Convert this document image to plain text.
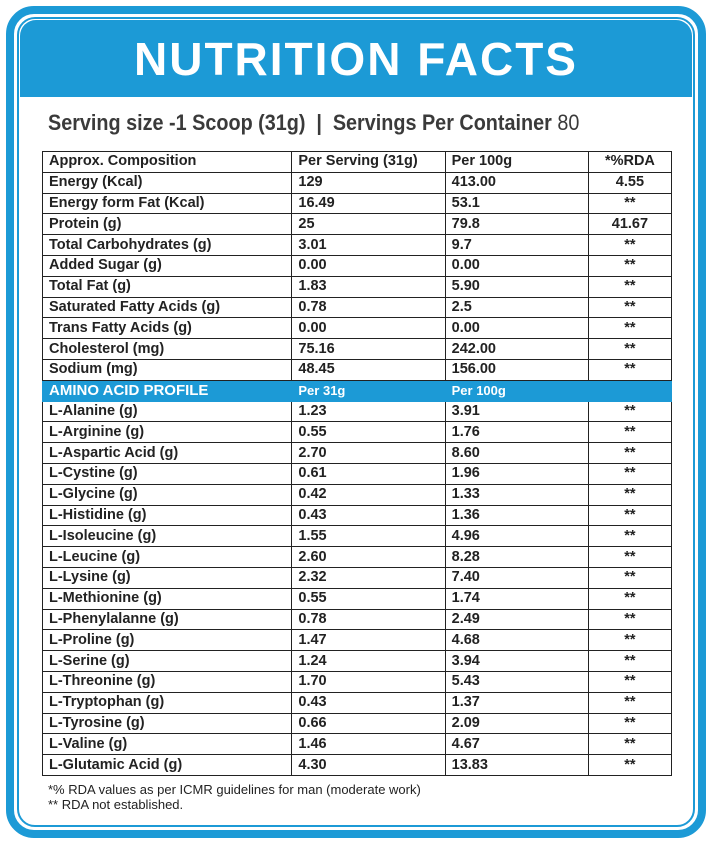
NUTRITION FACTS
Serving size -1 Scoop (31g) | Servings Per Container 80
Approx. Composition	Per Serving (31g)	Per 100g	*%RDA
Energy (Kcal)	129	413.00	4.55
Energy form Fat (Kcal)	16.49	53.1	**
Protein (g)	25	79.8	41.67
Total Carbohydrates (g)	3.01	9.7	**
Added Sugar (g)	0.00	0.00	**
Total Fat (g)	1.83	5.90	**
Saturated Fatty Acids (g)	0.78	2.5	**
Trans Fatty Acids (g)	0.00	0.00	**
Cholesterol (mg)	75.16	242.00	**
Sodium (mg)	48.45	156.00	**
AMINO ACID PROFILE	Per 31g	Per 100g	
L-Alanine (g)	1.23	3.91	**
L-Arginine (g)	0.55	1.76	**
L-Aspartic Acid (g)	2.70	8.60	**
L-Cystine (g)	0.61	1.96	**
L-Glycine (g)	0.42	1.33	**
L-Histidine (g)	0.43	1.36	**
L-Isoleucine (g)	1.55	4.96	**
L-Leucine (g)	2.60	8.28	**
L-Lysine (g)	2.32	7.40	**
L-Methionine (g)	0.55	1.74	**
L-Phenylalanne (g)	0.78	2.49	**
L-Proline (g)	1.47	4.68	**
L-Serine (g)	1.24	3.94	**
L-Threonine (g)	1.70	5.43	**
L-Tryptophan (g)	0.43	1.37	**
L-Tyrosine (g)	0.66	2.09	**
L-Valine (g)	1.46	4.67	**
L-Glutamic Acid (g)	4.30	13.83	**
*% RDA values as per ICMR guidelines for man (moderate work)
** RDA not established.
